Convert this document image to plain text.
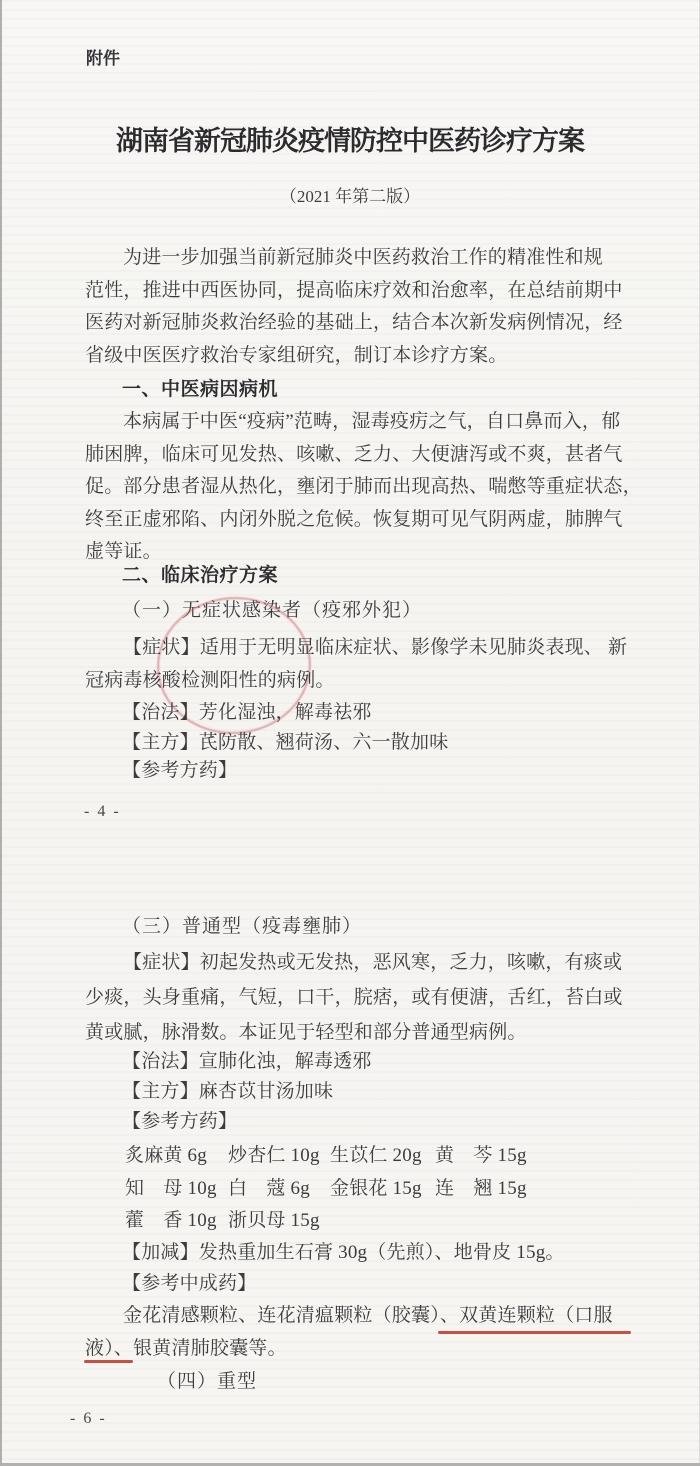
附件
湖南省新冠肺炎疫情防控中医药诊疗方案
（2021 年第二版）
为进一步加强当前新冠肺炎中医药救治工作的精准性和规
范性，推进中西医协同，提高临床疗效和治愈率，在总结前期中
医药对新冠肺炎救治经验的基础上，结合本次新发病例情况，经
省级中医医疗救治专家组研究，制订本诊疗方案。
一、中医病因病机
本病属于中医“疫病”范畴，湿毒疫疠之气，自口鼻而入，郁
肺困脾，临床可见发热、咳嗽、乏力、大便溏泻或不爽，甚者气
促。部分患者湿从热化，壅闭于肺而出现高热、喘憋等重症状态，
终至正虚邪陷、内闭外脱之危候。恢复期可见气阴两虚，肺脾气
虚等证。
二、临床治疗方案
（一）无症状感染者（疫邪外犯）
【症状】适用于无明显临床症状、影像学未见肺炎表现、 新
冠病毒核酸检测阳性的病例。
【治法】芳化湿浊，解毒祛邪
【主方】芪防散、翘荷汤、六一散加味
【参考方药】
- 4 -
（三）普通型（疫毒壅肺）
【症状】初起发热或无发热，恶风寒，乏力，咳嗽，有痰或
少痰，头身重痛，气短，口干，脘痞，或有便溏，舌红，苔白或
黄或腻，脉滑数。本证见于轻型和部分普通型病例。
【治法】宣肺化浊，解毒透邪
【主方】麻杏苡甘汤加味
【参考方药】
炙麻黄 6g 炒杏仁 10g 生苡仁 20g 黄　芩 15g
知　母 10g 白　蔻 6g 金银花 15g 连　翘 15g
藿　香 10g 浙贝母 15g
【加减】发热重加生石膏 30g（先煎）、地骨皮 15g。
【参考中成药】
金花清感颗粒、连花清瘟颗粒（胶囊）、双黄连颗粒（口服
液）、银黄清肺胶囊等。
（四）重型
- 6 -
